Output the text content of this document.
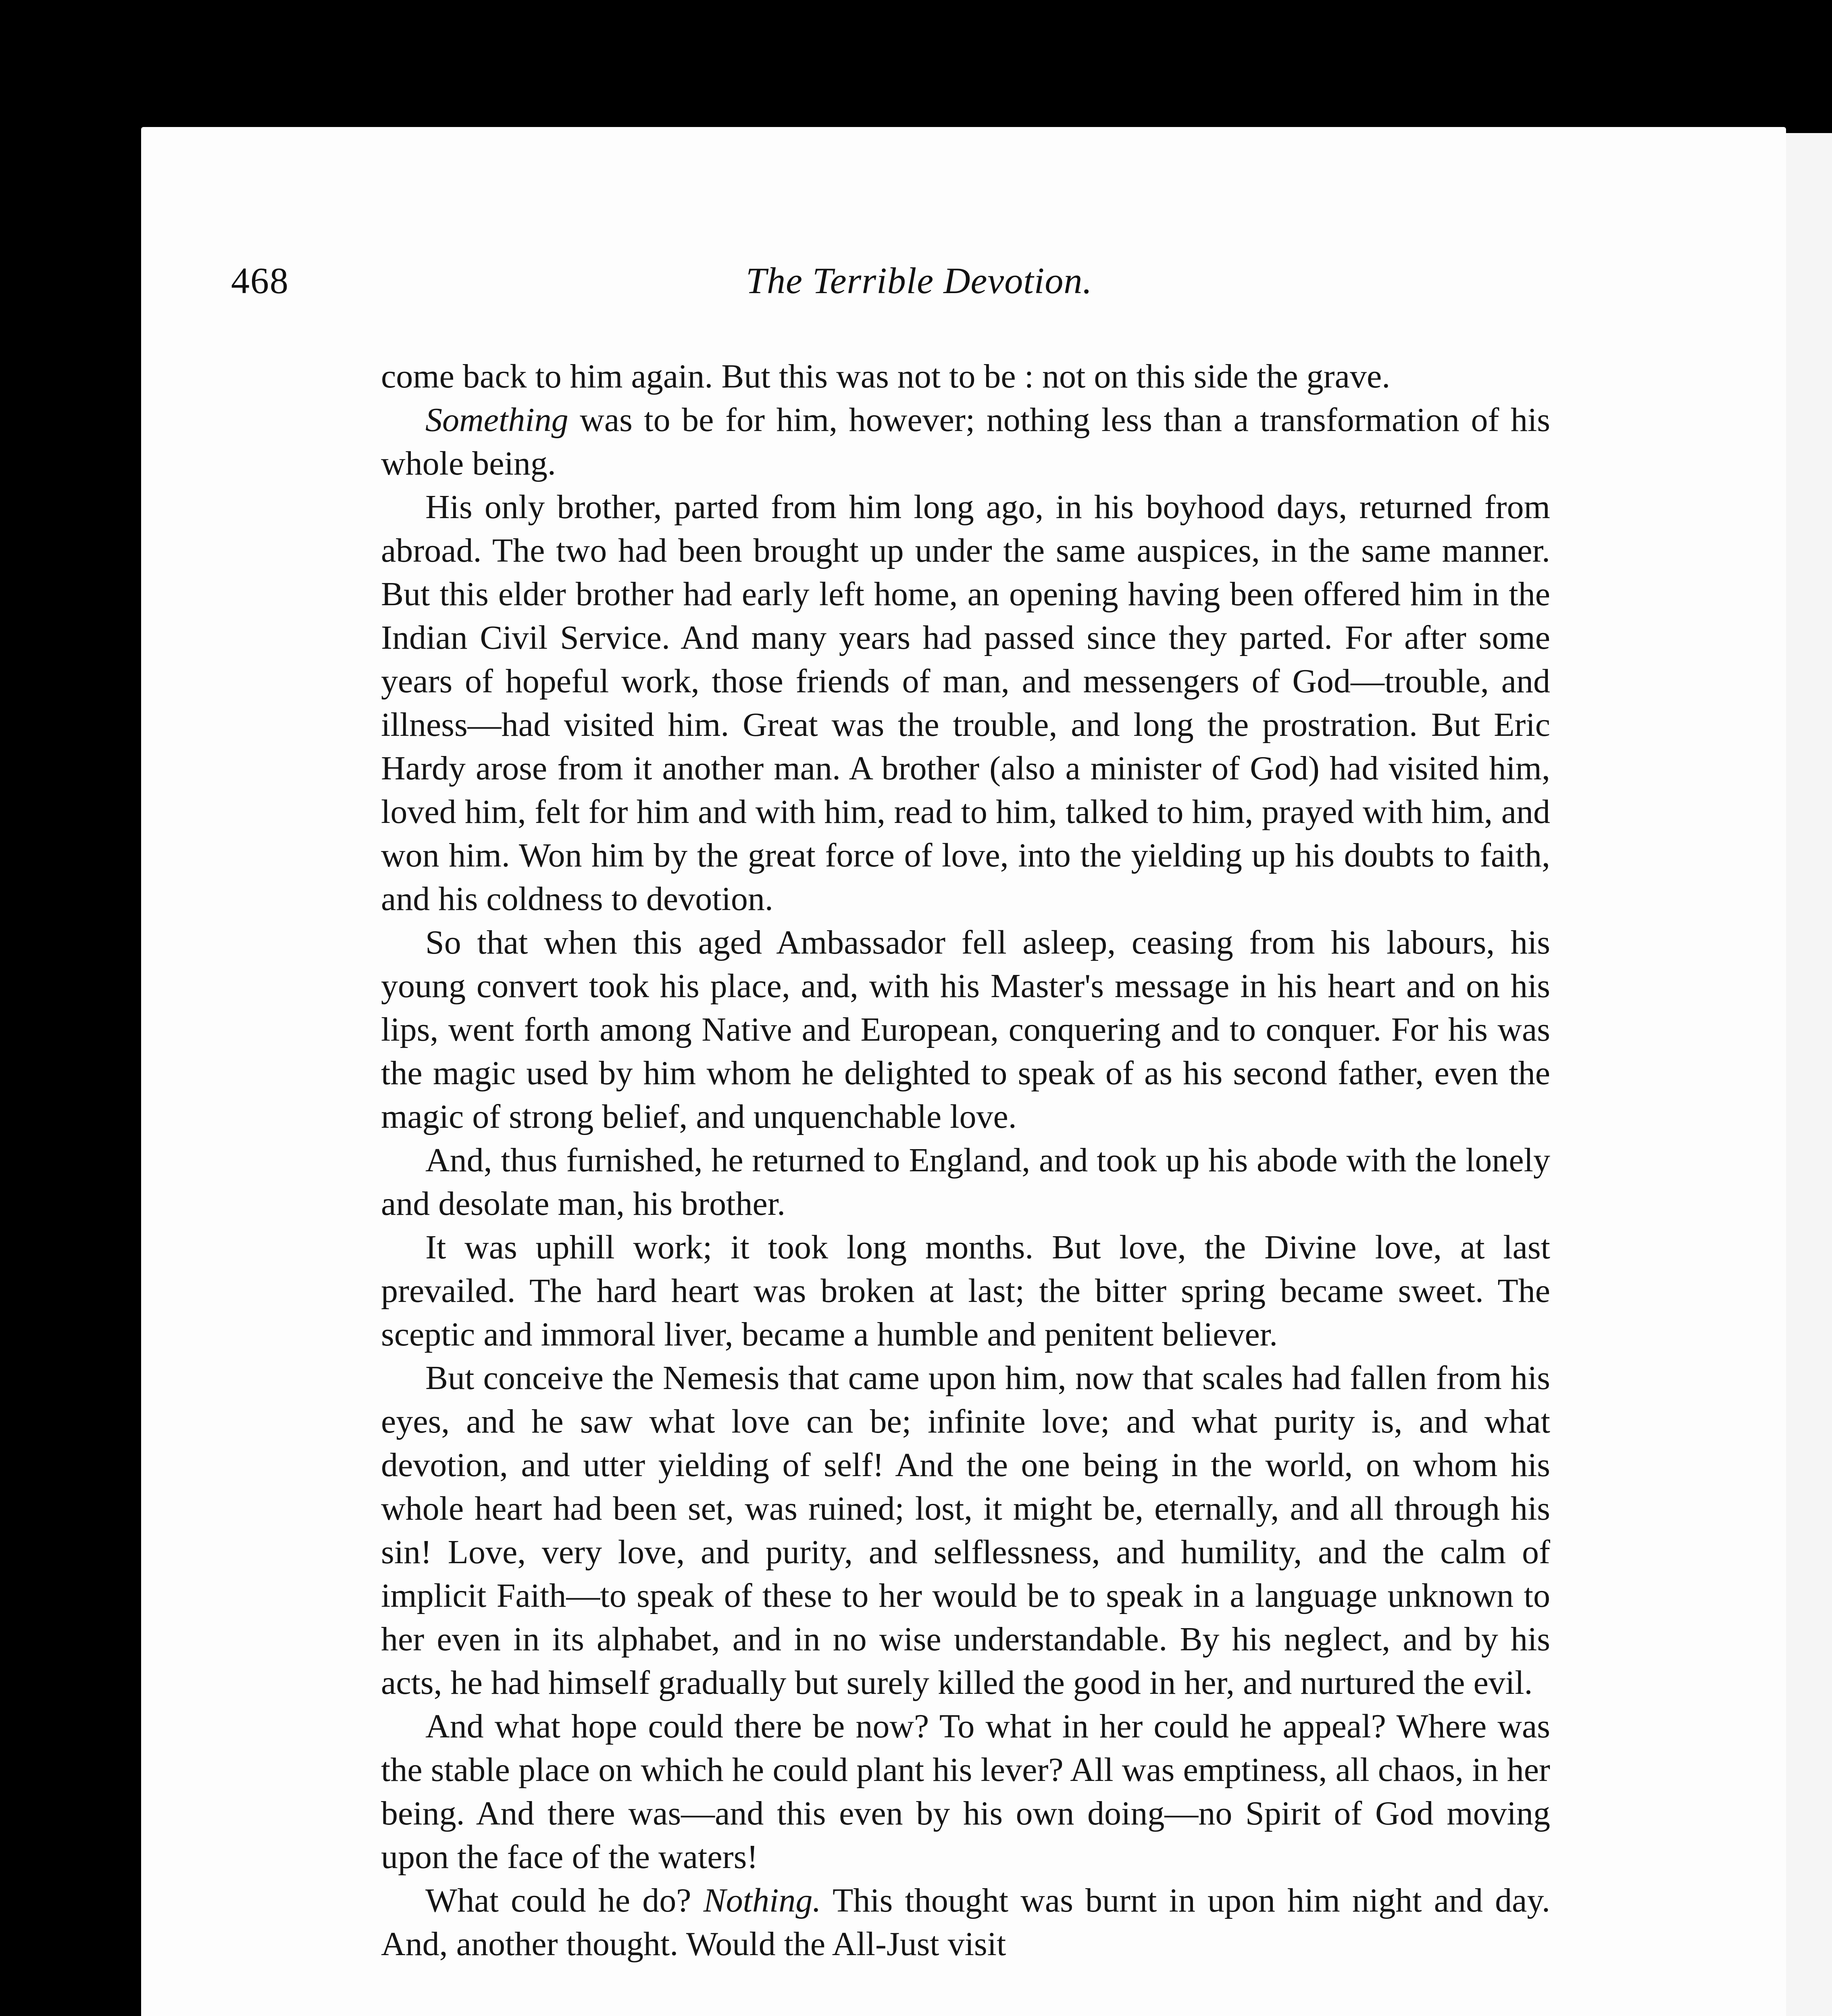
468	The Terrible Devotion.

come back to him again. But this was not to be : not on this side the grave.

Something was to be for him, however; nothing less than a transformation of his whole being.

His only brother, parted from him long ago, in his boyhood days, returned from abroad. The two had been brought up under the same auspices, in the same manner. But this elder brother had early left home, an opening having been offered him in the Indian Civil Service. And many years had passed since they parted. For after some years of hopeful work, those friends of man, and messengers of God—trouble, and illness—had visited him. Great was the trouble, and long the prostration. But Eric Hardy arose from it another man. A brother (also a minister of God) had visited him, loved him, felt for him and with him, read to him, talked to him, prayed with him, and won him. Won him by the great force of love, into the yielding up his doubts to faith, and his coldness to devotion.

So that when this aged Ambassador fell asleep, ceasing from his labours, his young convert took his place, and, with his Master's message in his heart and on his lips, went forth among Native and European, conquering and to conquer. For his was the magic used by him whom he delighted to speak of as his second father, even the magic of strong belief, and unquenchable love.

And, thus furnished, he returned to England, and took up his abode with the lonely and desolate man, his brother.

It was uphill work; it took long months. But love, the Divine love, at last prevailed. The hard heart was broken at last; the bitter spring became sweet. The sceptic and immoral liver, became a humble and penitent believer.

But conceive the Nemesis that came upon him, now that scales had fallen from his eyes, and he saw what love can be; infinite love; and what purity is, and what devotion, and utter yielding of self! And the one being in the world, on whom his whole heart had been set, was ruined; lost, it might be, eternally, and all through his sin! Love, very love, and purity, and selflessness, and humility, and the calm of implicit Faith—to speak of these to her would be to speak in a language unknown to her even in its alphabet, and in no wise understandable. By his neglect, and by his acts, he had himself gradually but surely killed the good in her, and nurtured the evil.

And what hope could there be now? To what in her could he appeal? Where was the stable place on which he could plant his lever? All was emptiness, all chaos, in her being. And there was—and this even by his own doing—no Spirit of God moving upon the face of the waters!

What could he do? Nothing. This thought was burnt in upon him night and day. And, another thought. Would the All-Just visit
